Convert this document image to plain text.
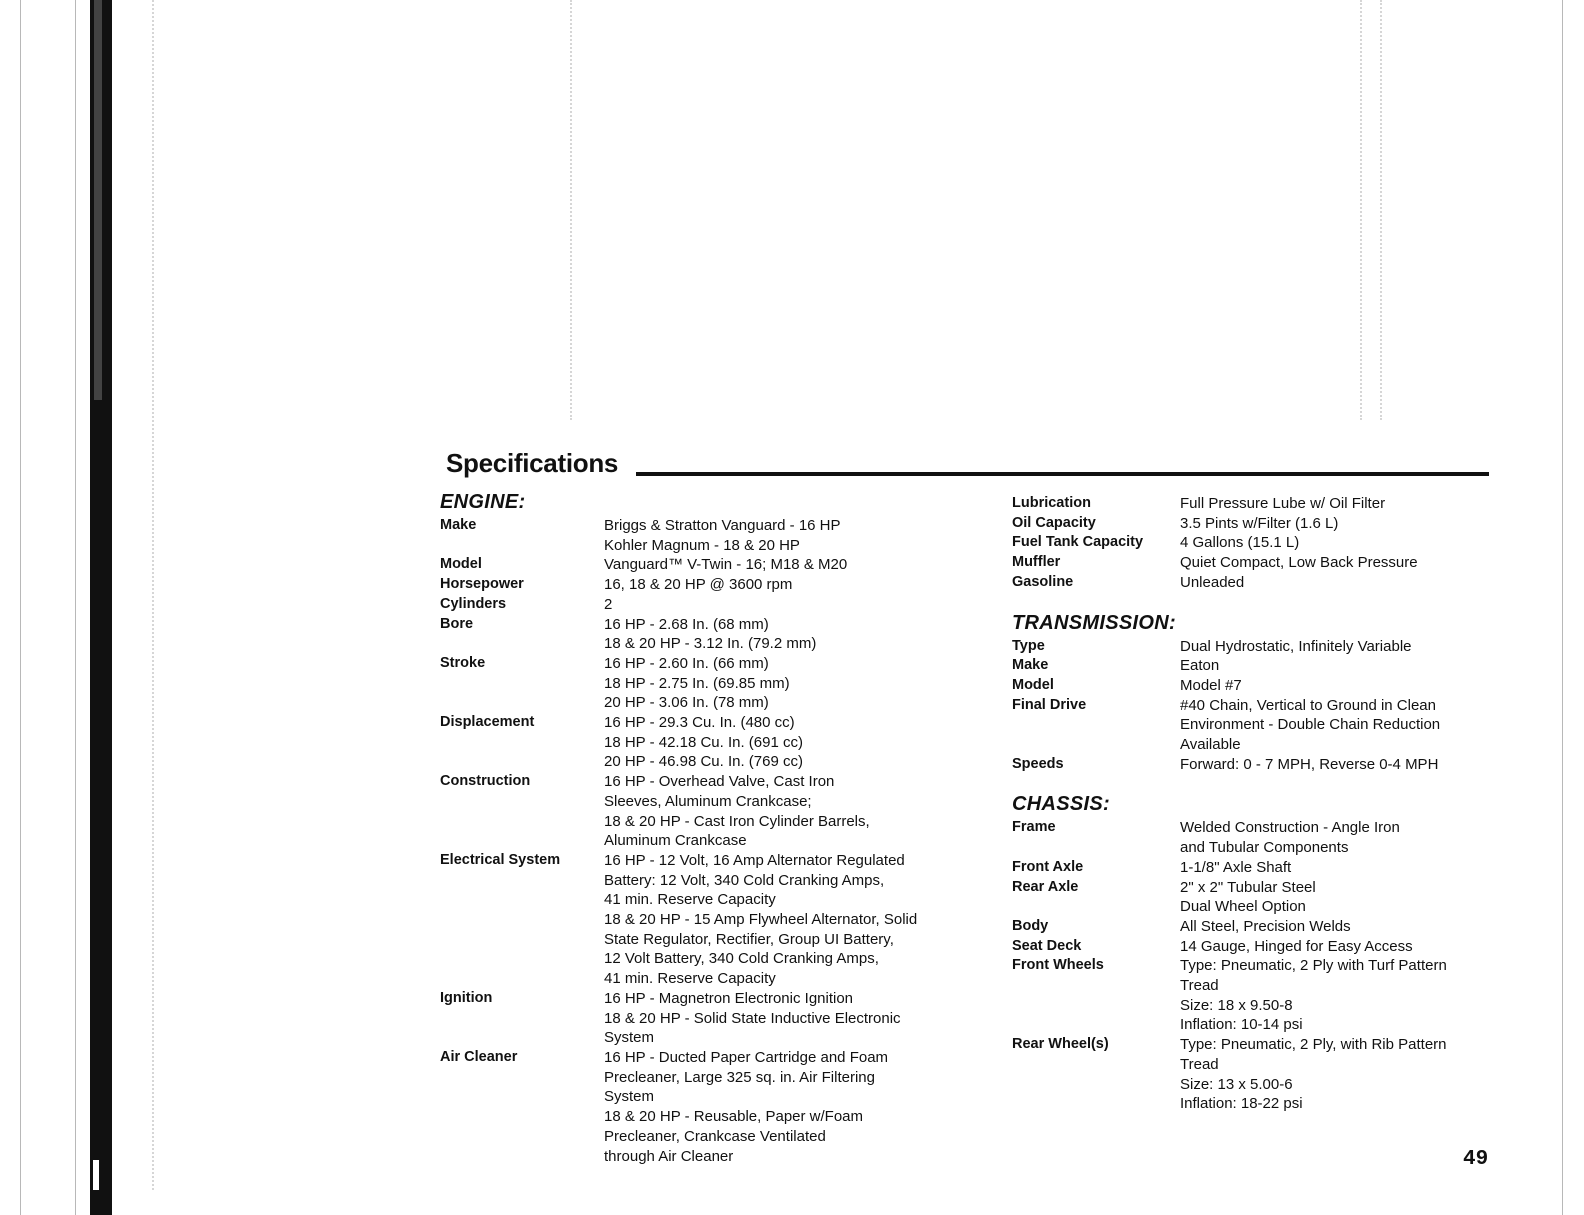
Specifications
ENGINE:
Make	Briggs & Stratton Vanguard - 16 HP
Kohler Magnum - 18 & 20 HP
Model	Vanguard™ V-Twin - 16; M18 & M20
Horsepower	16, 18 & 20 HP @ 3600 rpm
Cylinders	2
Bore	16 HP - 2.68 In. (68 mm)
18 & 20 HP - 3.12 In. (79.2 mm)
Stroke	16 HP - 2.60 In. (66 mm)
18 HP - 2.75 In. (69.85 mm)
20 HP - 3.06 In. (78 mm)
Displacement	16 HP - 29.3 Cu. In. (480 cc)
18 HP - 42.18 Cu. In. (691 cc)
20 HP - 46.98 Cu. In. (769 cc)
Construction	16 HP - Overhead Valve, Cast Iron
Sleeves, Aluminum Crankcase;
18 & 20 HP - Cast Iron Cylinder Barrels,
Aluminum Crankcase
Electrical System	16 HP - 12 Volt, 16 Amp Alternator Regulated
Battery: 12 Volt, 340 Cold Cranking Amps,
41 min. Reserve Capacity
18 & 20 HP - 15 Amp Flywheel Alternator, Solid
State Regulator, Rectifier, Group UI Battery,
12 Volt Battery, 340 Cold Cranking Amps,
41 min. Reserve Capacity
Ignition	16 HP - Magnetron Electronic Ignition
18 & 20 HP - Solid State Inductive Electronic
System
Air Cleaner	16 HP - Ducted Paper Cartridge and Foam
Precleaner, Large 325 sq. in. Air Filtering
System
18 & 20 HP - Reusable, Paper w/Foam
Precleaner, Crankcase Ventilated
through Air Cleaner
Lubrication	Full Pressure Lube w/ Oil Filter
Oil Capacity	3.5 Pints w/Filter (1.6 L)
Fuel Tank Capacity	4 Gallons (15.1 L)
Muffler	Quiet Compact, Low Back Pressure
Gasoline	Unleaded
TRANSMISSION:
Type	Dual Hydrostatic, Infinitely Variable
Make	Eaton
Model	Model #7
Final Drive	#40 Chain, Vertical to Ground in Clean
Environment - Double Chain Reduction
Available
Speeds	Forward: 0 - 7 MPH, Reverse 0-4 MPH
CHASSIS:
Frame	Welded Construction - Angle Iron
and Tubular Components
Front Axle	1-1/8" Axle Shaft
Rear Axle	2" x 2" Tubular Steel
Dual Wheel Option
Body	All Steel, Precision Welds
Seat Deck	14 Gauge, Hinged for Easy Access
Front Wheels	Type: Pneumatic, 2 Ply with Turf Pattern
Tread
Size: 18 x 9.50-8
Inflation: 10-14 psi
Rear Wheel(s)	Type: Pneumatic, 2 Ply, with Rib Pattern
Tread
Size: 13 x 5.00-6
Inflation: 18-22 psi
49
